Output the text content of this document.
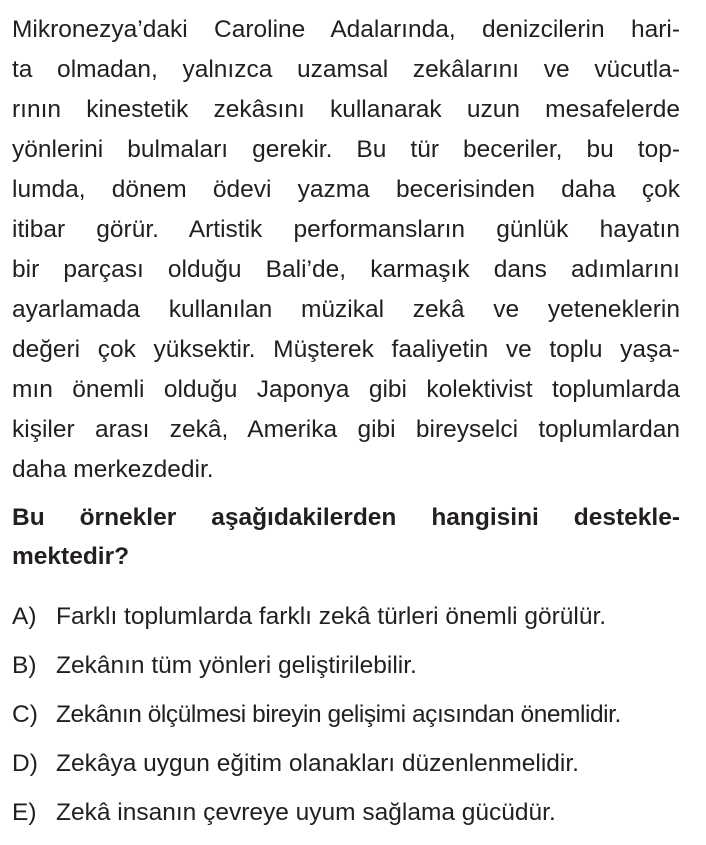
Mikronezya’daki Caroline Adalarında, denizcilerin hari-
ta olmadan, yalnızca uzamsal zekâlarını ve vücutla-
rının kinestetik zekâsını kullanarak uzun mesafelerde
yönlerini bulmaları gerekir. Bu tür beceriler, bu top-
lumda, dönem ödevi yazma becerisinden daha çok
itibar görür. Artistik performansların günlük hayatın
bir parçası olduğu Bali’de, karmaşık dans adımlarını
ayarlamada kullanılan müzikal zekâ ve yeteneklerin
değeri çok yüksektir. Müşterek faaliyetin ve toplu yaşa-
mın önemli olduğu Japonya gibi kolektivist toplumlarda
kişiler arası zekâ, Amerika gibi bireyselci toplumlardan
daha merkezdedir.
Bu örnekler aşağıdakilerden hangisini destekle-
mektedir?
A) Farklı toplumlarda farklı zekâ türleri önemli görülür.
B) Zekânın tüm yönleri geliştirilebilir.
C) Zekânın ölçülmesi bireyin gelişimi açısından önemlidir.
D) Zekâya uygun eğitim olanakları düzenlenmelidir.
E) Zekâ insanın çevreye uyum sağlama gücüdür.
